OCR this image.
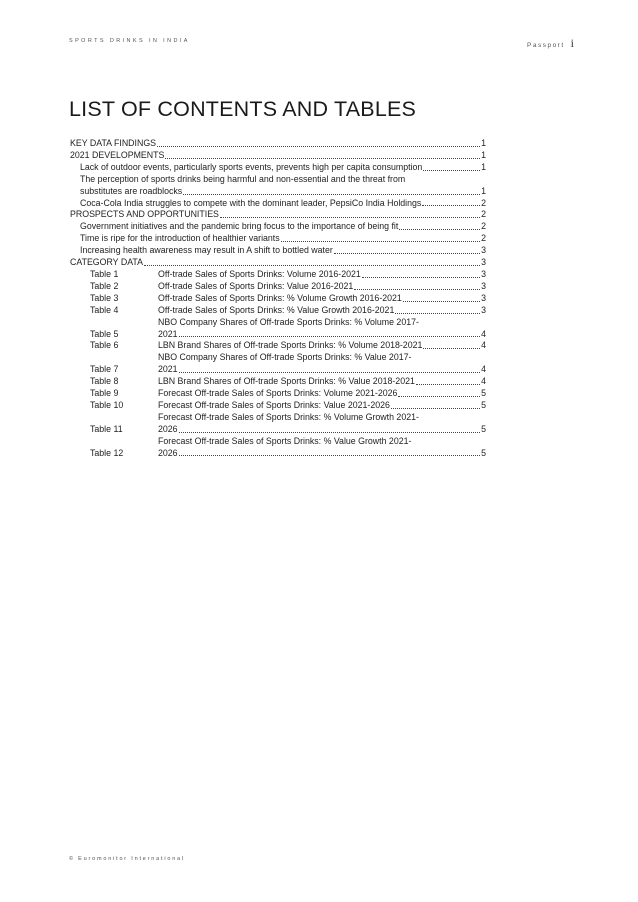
SPORTS DRINKS IN INDIA
Passport i
LIST OF CONTENTS AND TABLES
KEY DATA FINDINGS	1
2021 DEVELOPMENTS	1
Lack of outdoor events, particularly sports events, prevents high per capita consumption	1
The perception of sports drinks being harmful and non-essential and the threat from
substitutes are roadblocks	1
Coca-Cola India struggles to compete with the dominant leader, PepsiCo India Holdings	2
PROSPECTS AND OPPORTUNITIES	2
Government initiatives and the pandemic bring focus to the importance of being fit	2
Time is ripe for the introduction of healthier variants	2
Increasing health awareness may result in A shift to bottled water	3
CATEGORY DATA	3
Table 1	Off-trade Sales of Sports Drinks: Volume 2016-2021	3
Table 2	Off-trade Sales of Sports Drinks: Value 2016-2021	3
Table 3	Off-trade Sales of Sports Drinks: % Volume Growth 2016-2021	3
Table 4	Off-trade Sales of Sports Drinks: % Value Growth 2016-2021	3
Table 5
NBO Company Shares of Off-trade Sports Drinks: % Volume 2017-
2021	4
Table 6	LBN Brand Shares of Off-trade Sports Drinks: % Volume 2018-2021	4
Table 7
NBO Company Shares of Off-trade Sports Drinks: % Value 2017-
2021	4
Table 8	LBN Brand Shares of Off-trade Sports Drinks: % Value 2018-2021	4
Table 9	Forecast Off-trade Sales of Sports Drinks: Volume 2021-2026	5
Table 10	Forecast Off-trade Sales of Sports Drinks: Value 2021-2026	5
Table 11
Forecast Off-trade Sales of Sports Drinks: % Volume Growth 2021-
2026	5
Table 12
Forecast Off-trade Sales of Sports Drinks: % Value Growth 2021-
2026	5
© Euromonitor International
